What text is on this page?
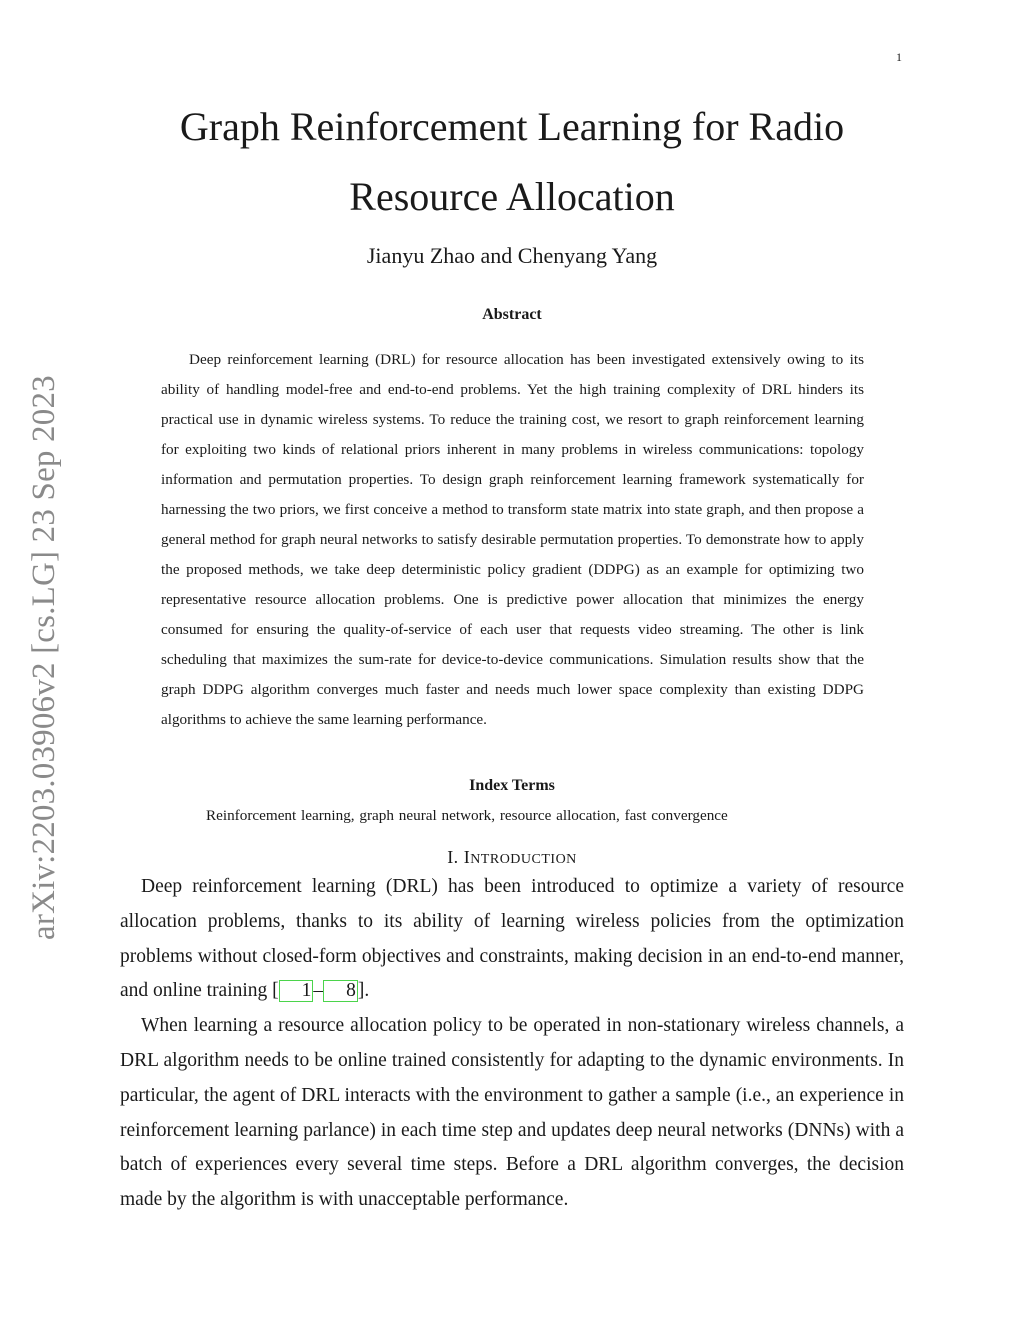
1
arXiv:2203.03906v2 [cs.LG] 23 Sep 2023
Graph Reinforcement Learning for Radio Resource Allocation
Jianyu Zhao and Chenyang Yang
Abstract

Deep reinforcement learning (DRL) for resource allocation has been investigated extensively owing to its ability of handling model-free and end-to-end problems. Yet the high training complexity of DRL hinders its practical use in dynamic wireless systems. To reduce the training cost, we resort to graph reinforcement learning for exploiting two kinds of relational priors inherent in many problems in wireless communications: topology information and permutation properties. To design graph reinforcement learning framework systematically for harnessing the two priors, we first conceive a method to transform state matrix into state graph, and then propose a general method for graph neural networks to satisfy desirable permutation properties. To demonstrate how to apply the proposed methods, we take deep deterministic policy gradient (DDPG) as an example for optimizing two representative resource allocation problems. One is predictive power allocation that minimizes the energy consumed for ensuring the quality-of-service of each user that requests video streaming. The other is link scheduling that maximizes the sum-rate for device-to-device communications. Simulation results show that the graph DDPG algorithm converges much faster and needs much lower space complexity than existing DDPG algorithms to achieve the same learning performance.

Index Terms
Reinforcement learning, graph neural network, resource allocation, fast convergence
I. INTRODUCTION

Deep reinforcement learning (DRL) has been introduced to optimize a variety of resource allocation problems, thanks to its ability of learning wireless policies from the optimization problems without closed-form objectives and constraints, making decision in an end-to-end manner, and online training [ 1 – 8 ].

When learning a resource allocation policy to be operated in non-stationary wireless channels, a DRL algorithm needs to be online trained consistently for adapting to the dynamic environments. In particular, the agent of DRL interacts with the environment to gather a sample (i.e., an experience in reinforcement learning parlance) in each time step and updates deep neural networks (DNNs) with a batch of experiences every several time steps. Before a DRL algorithm converges, the decision made by the algorithm is with unacceptable performance.
